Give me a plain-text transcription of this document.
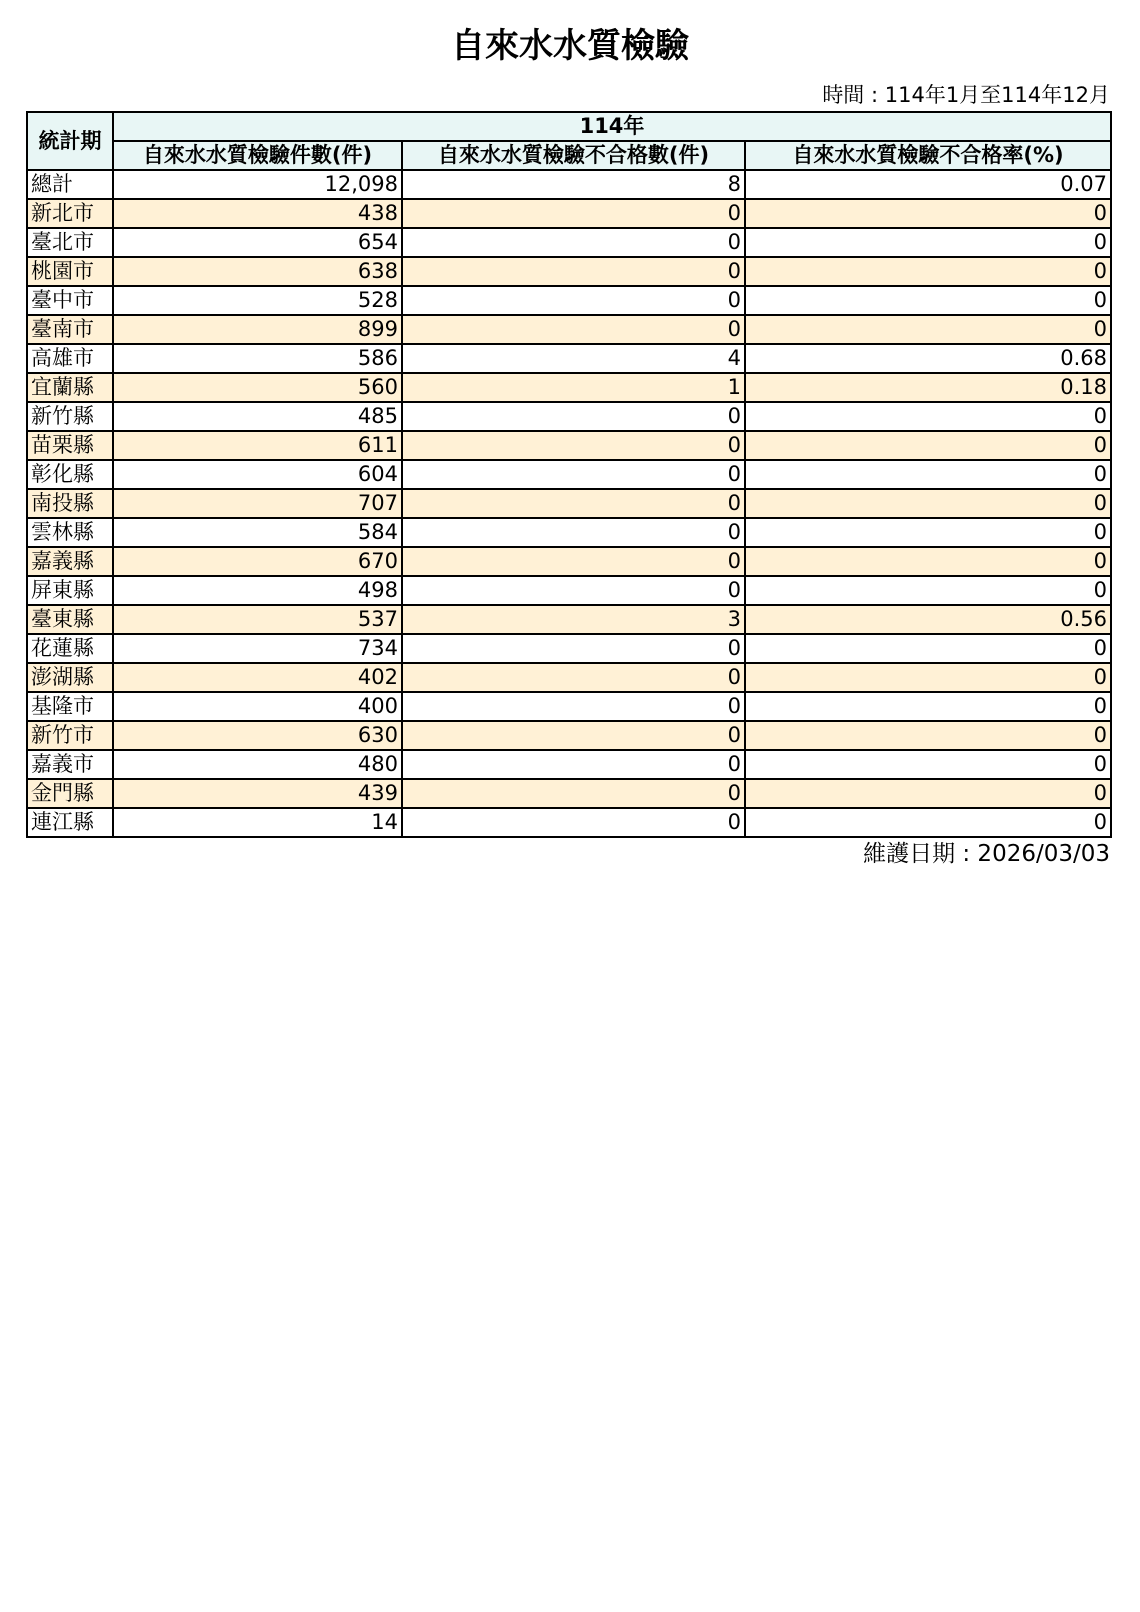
自來水水質檢驗
時間 : 114年1月至114年12月
統計期	114年		
	自來水水質檢驗件數(件)	自來水水質檢驗不合格數(件)	自來水水質檢驗不合格率(%)
總計	12,098	8	0.07
新北市	438	0	0
臺北市	654	0	0
桃園市	638	0	0
臺中市	528	0	0
臺南市	899	0	0
高雄市	586	4	0.68
宜蘭縣	560	1	0.18
新竹縣	485	0	0
苗栗縣	611	0	0
彰化縣	604	0	0
南投縣	707	0	0
雲林縣	584	0	0
嘉義縣	670	0	0
屏東縣	498	0	0
臺東縣	537	3	0.56
花蓮縣	734	0	0
澎湖縣	402	0	0
基隆市	400	0	0
新竹市	630	0	0
嘉義市	480	0	0
金門縣	439	0	0
連江縣	14	0	0
維護日期 : 2026/03/03
